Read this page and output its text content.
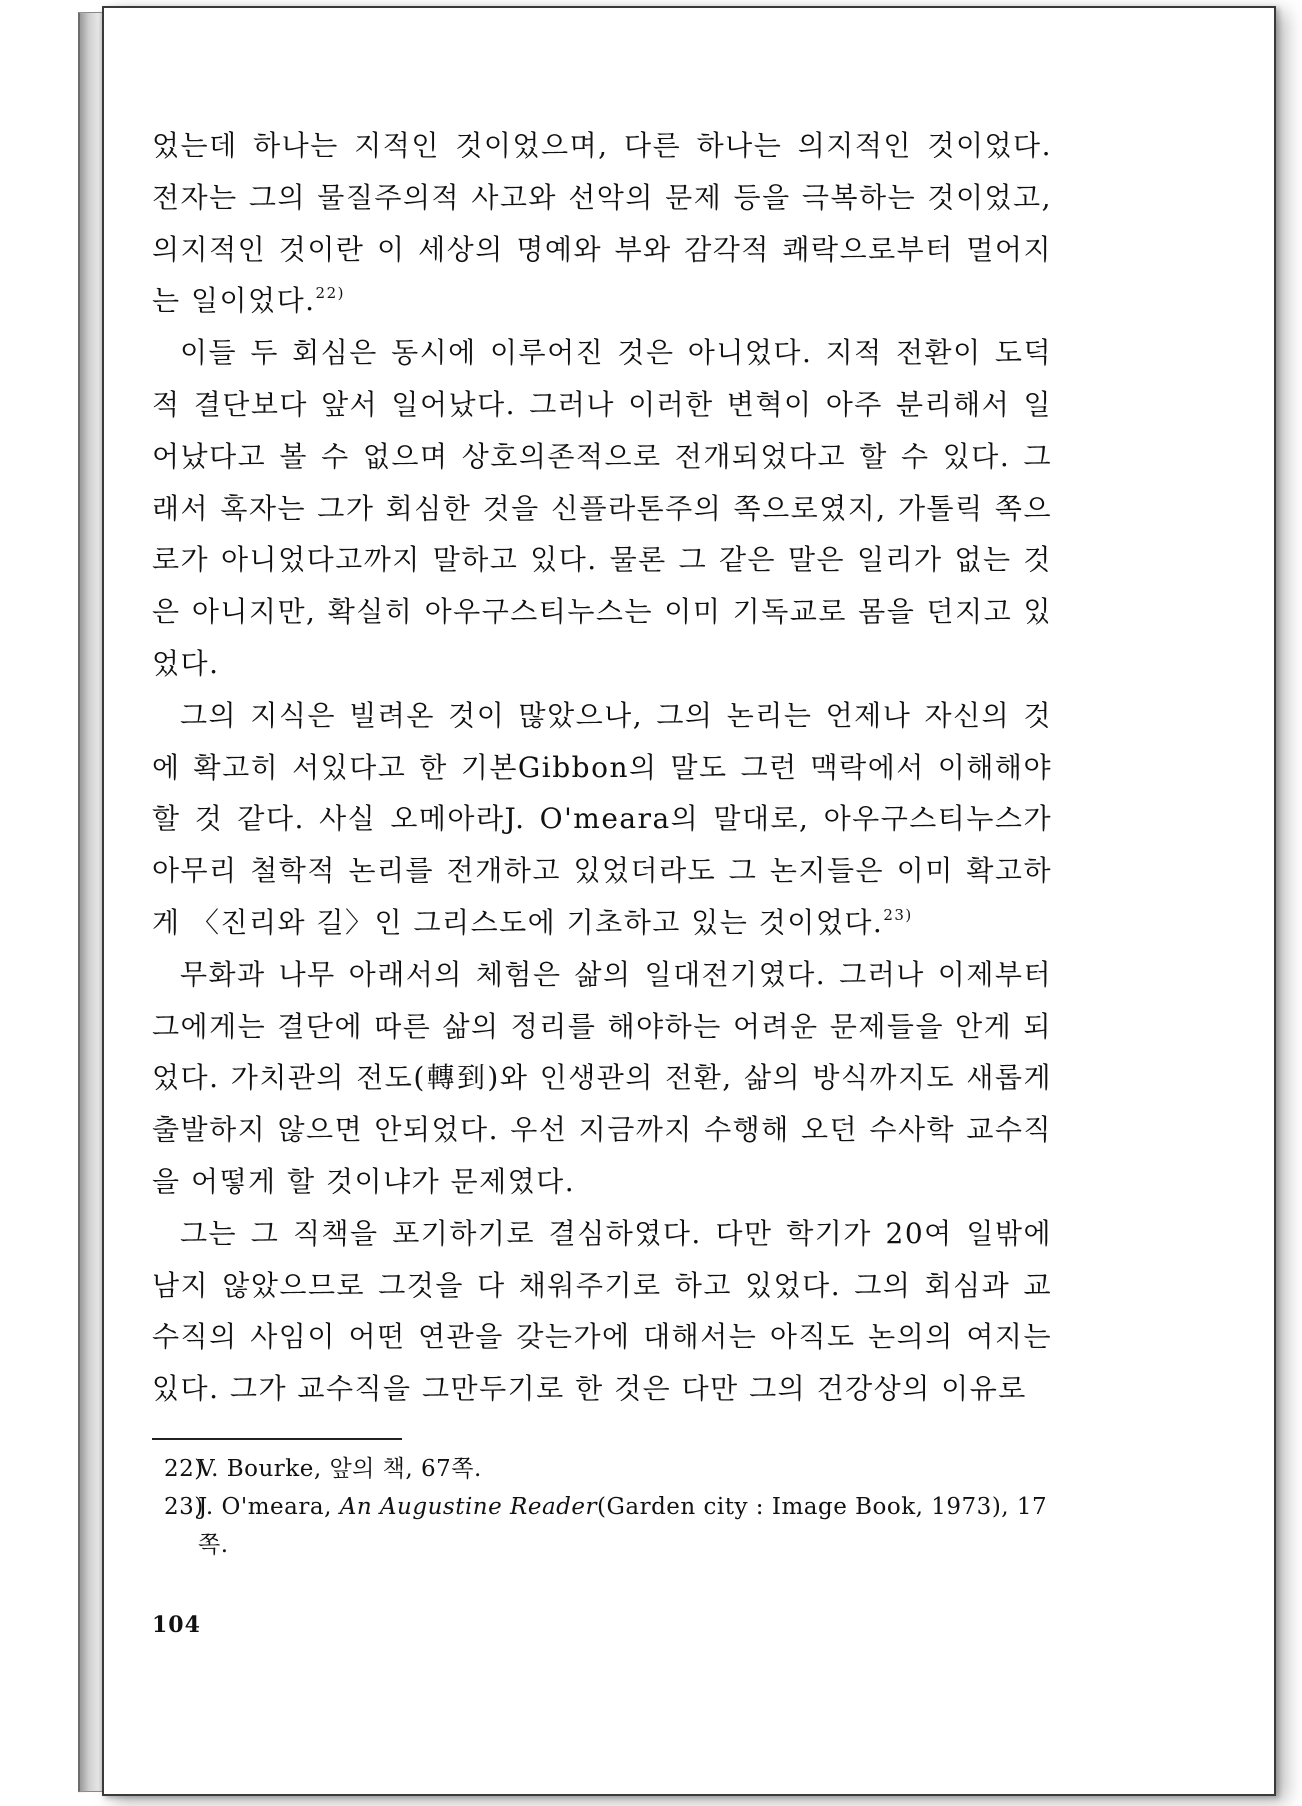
었는데 하나는 지적인 것이었으며, 다른 하나는 의지적인 것이었다. 전자는 그의 물질주의적 사고와 선악의 문제 등을 극복하는 것이었고, 의지적인 것이란 이 세상의 명예와 부와 감각적 쾌락으로부터 멀어지는 일이었다.$^{22)}$

이들 두 회심은 동시에 이루어진 것은 아니었다. 지적 전환이 도덕적 결단보다 앞서 일어났다. 그러나 이러한 변혁이 아주 분리해서 일어났다고 볼 수 없으며 상호의존적으로 전개되었다고 할 수 있다. 그래서 혹자는 그가 회심한 것을 신플라톤주의 쪽으로였지, 가톨릭 쪽으로가 아니었다고까지 말하고 있다. 물론 그 같은 말은 일리가 없는 것은 아니지만, 확실히 아우구스티누스는 이미 기독교로 몸을 던지고 있었다.

그의 지식은 빌려온 것이 많았으나, 그의 논리는 언제나 자신의 것에 확고히 서있다고 한 기본Gibbon의 말도 그런 맥락에서 이해해야 할 것 같다. 사실 오메아라J. O'meara의 말대로, 아우구스티누스가 아무리 철학적 논리를 전개하고 있었더라도 그 논지들은 이미 확고하게 〈진리와 길〉인 그리스도에 기초하고 있는 것이었다.$^{23)}$

무화과 나무 아래서의 체험은 삶의 일대전기였다. 그러나 이제부터 그에게는 결단에 따른 삶의 정리를 해야하는 어려운 문제들을 안게 되었다. 가치관의 전도(轉到)와 인생관의 전환, 삶의 방식까지도 새롭게 출발하지 않으면 안되었다. 우선 지금까지 수행해 오던 수사학 교수직을 어떻게 할 것이냐가 문제였다.

그는 그 직책을 포기하기로 결심하였다. 다만 학기가 20여 일밖에 남지 않았으므로 그것을 다 채워주기로 하고 있었다. 그의 회심과 교수직의 사임이 어떤 연관을 갖는가에 대해서는 아직도 논의의 여지는 있다. 그가 교수직을 그만두기로 한 것은 다만 그의 건강상의 이유로

22)
V. Bourke, 앞의 책, 67쪽.

23)
J. O'meara, An Augustine Reader(Garden city : Image Book, 1973), 17쪽.

104
